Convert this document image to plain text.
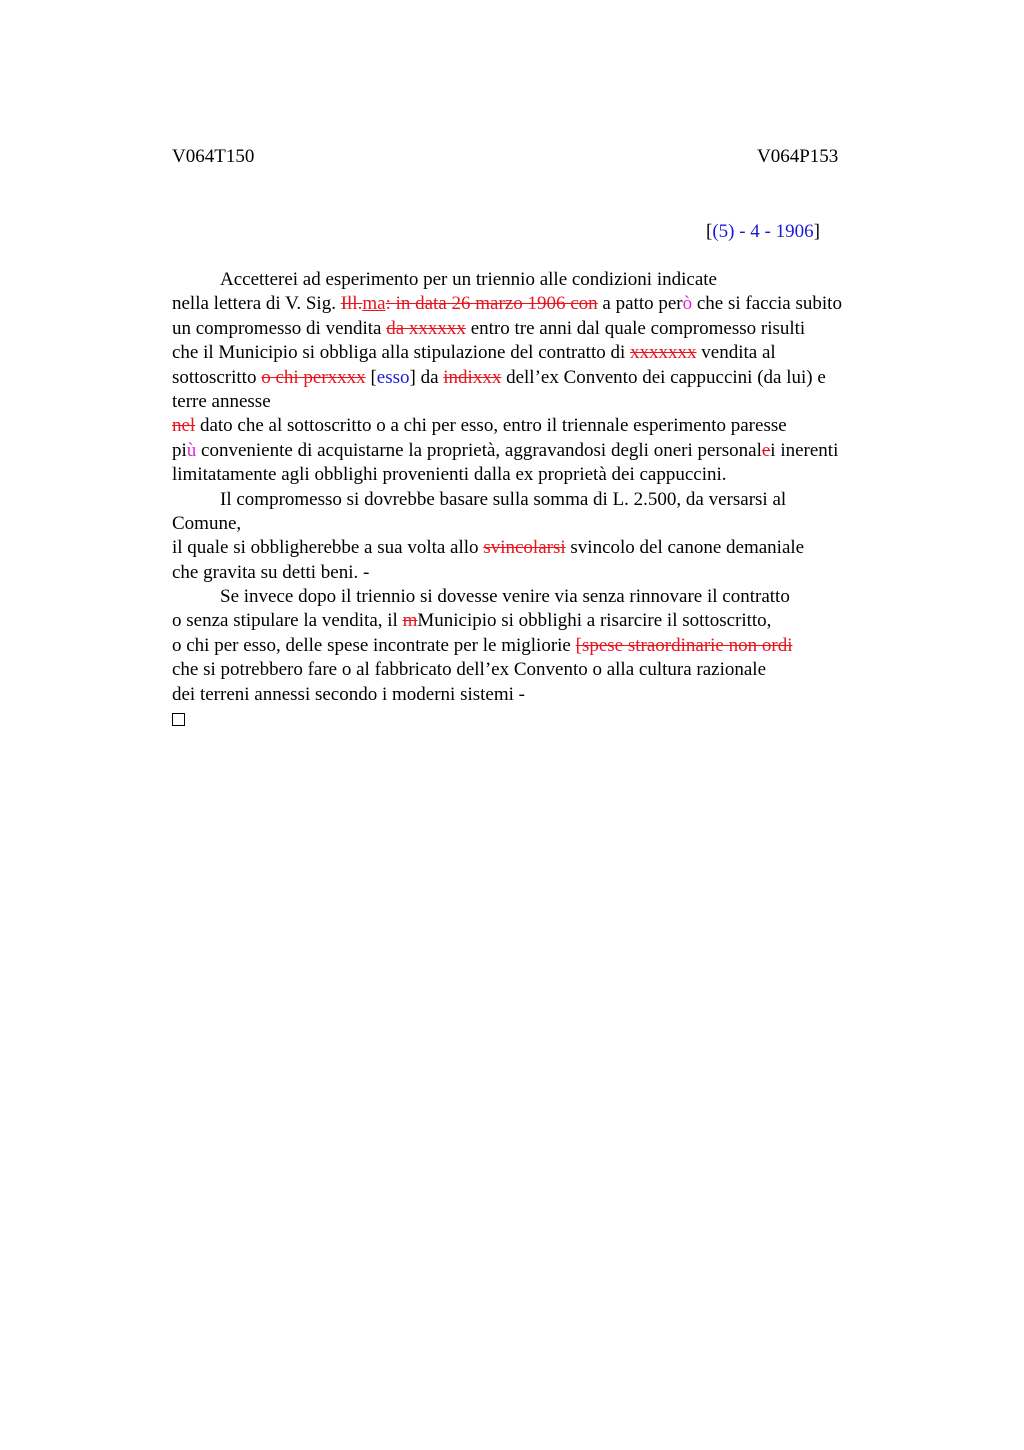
V064T150	V064P153
[(5) - 4 - 1906]
Accetterei ad esperimento per un triennio alle condizioni indicate
nella lettera di V. Sig. Ill.ma: in data 26 marzo 1906 con a patto però che si faccia subito
un compromesso di vendita da xxxxxx entro tre anni dal quale compromesso risulti
che il Municipio si obbliga alla stipulazione del contratto di xxxxxxx vendita al
sottoscritto o chi perxxxx [esso] da indixxx dell’ex Convento dei cappuccini (da lui) e
terre annesse
nel dato che al sottoscritto o a chi per esso, entro il triennale esperimento paresse
più conveniente di acquistarne la proprietà, aggravandosi degli oneri personalei inerenti
limitatamente agli obblighi provenienti dalla ex proprietà dei cappuccini.
Il compromesso si dovrebbe basare sulla somma di L. 2.500, da versarsi al
Comune,
il quale si obbligherebbe a sua volta allo svincolarsi svincolo del canone demaniale
che gravita su detti beni. -
Se invece dopo il triennio si dovesse venire via senza rinnovare il contratto
o senza stipulare la vendita, il mMunicipio si obblighi a risarcire il sottoscritto,
o chi per esso, delle spese incontrate per le migliorie [spese straordinarie non ordi
che si potrebbero fare o al fabbricato dell’ex Convento o alla cultura razionale
dei terreni annessi secondo i moderni sistemi -
